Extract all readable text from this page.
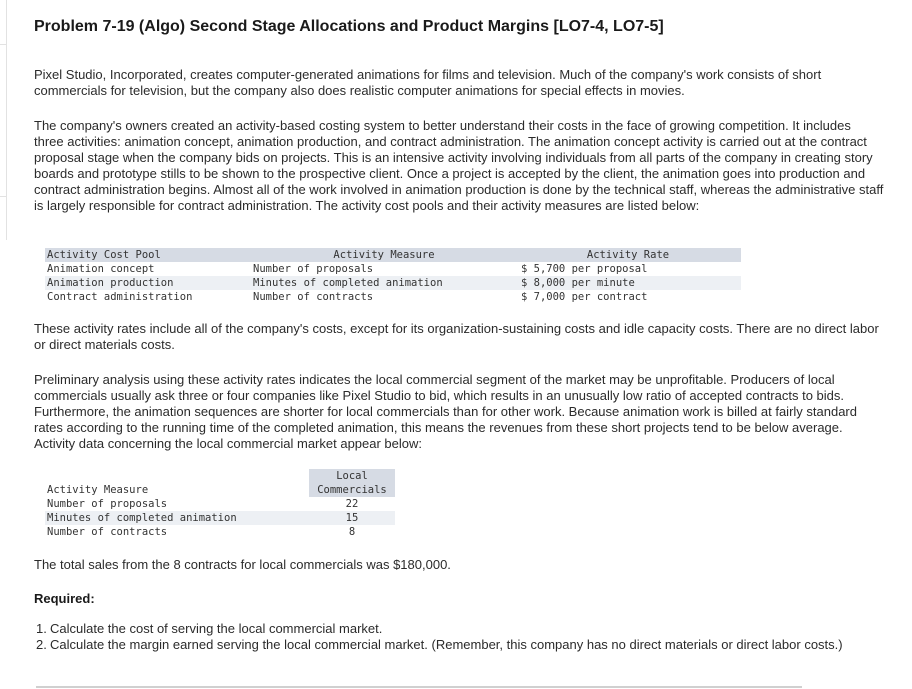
Problem 7-19 (Algo) Second Stage Allocations and Product Margins [LO7-4, LO7-5]
Pixel Studio, Incorporated, creates computer-generated animations for films and television. Much of the company's work consists of short commercials for television, but the company also does realistic computer animations for special effects in movies.
The company's owners created an activity-based costing system to better understand their costs in the face of growing competition. It includes three activities: animation concept, animation production, and contract administration. The animation concept activity is carried out at the contract proposal stage when the company bids on projects. This is an intensive activity involving individuals from all parts of the company in creating story boards and prototype stills to be shown to the prospective client. Once a project is accepted by the client, the animation goes into production and contract administration begins. Almost all of the work involved in animation production is done by the technical staff, whereas the administrative staff is largely responsible for contract administration. The activity cost pools and their activity measures are listed below:
Activity Cost Pool	Activity Measure	Activity Rate
Animation concept	Number of proposals	$ 5,700 per proposal
Animation production	Minutes of completed animation	$ 8,000 per minute
Contract administration	Number of contracts	$ 7,000 per contract
These activity rates include all of the company's costs, except for its organization-sustaining costs and idle capacity costs. There are no direct labor or direct materials costs.
Preliminary analysis using these activity rates indicates the local commercial segment of the market may be unprofitable. Producers of local commercials usually ask three or four companies like Pixel Studio to bid, which results in an unusually low ratio of accepted contracts to bids. Furthermore, the animation sequences are shorter for local commercials than for other work. Because animation work is billed at fairly standard rates according to the running time of the completed animation, this means the revenues from these short projects tend to be below average. Activity data concerning the local commercial market appear below:
	Local
Activity Measure	Commercials
Number of proposals	22
Minutes of completed animation	15
Number of contracts	8
The total sales from the 8 contracts for local commercials was $180,000.
Required:
1. Calculate the cost of serving the local commercial market.
2. Calculate the margin earned serving the local commercial market. (Remember, this company has no direct materials or direct labor costs.)
